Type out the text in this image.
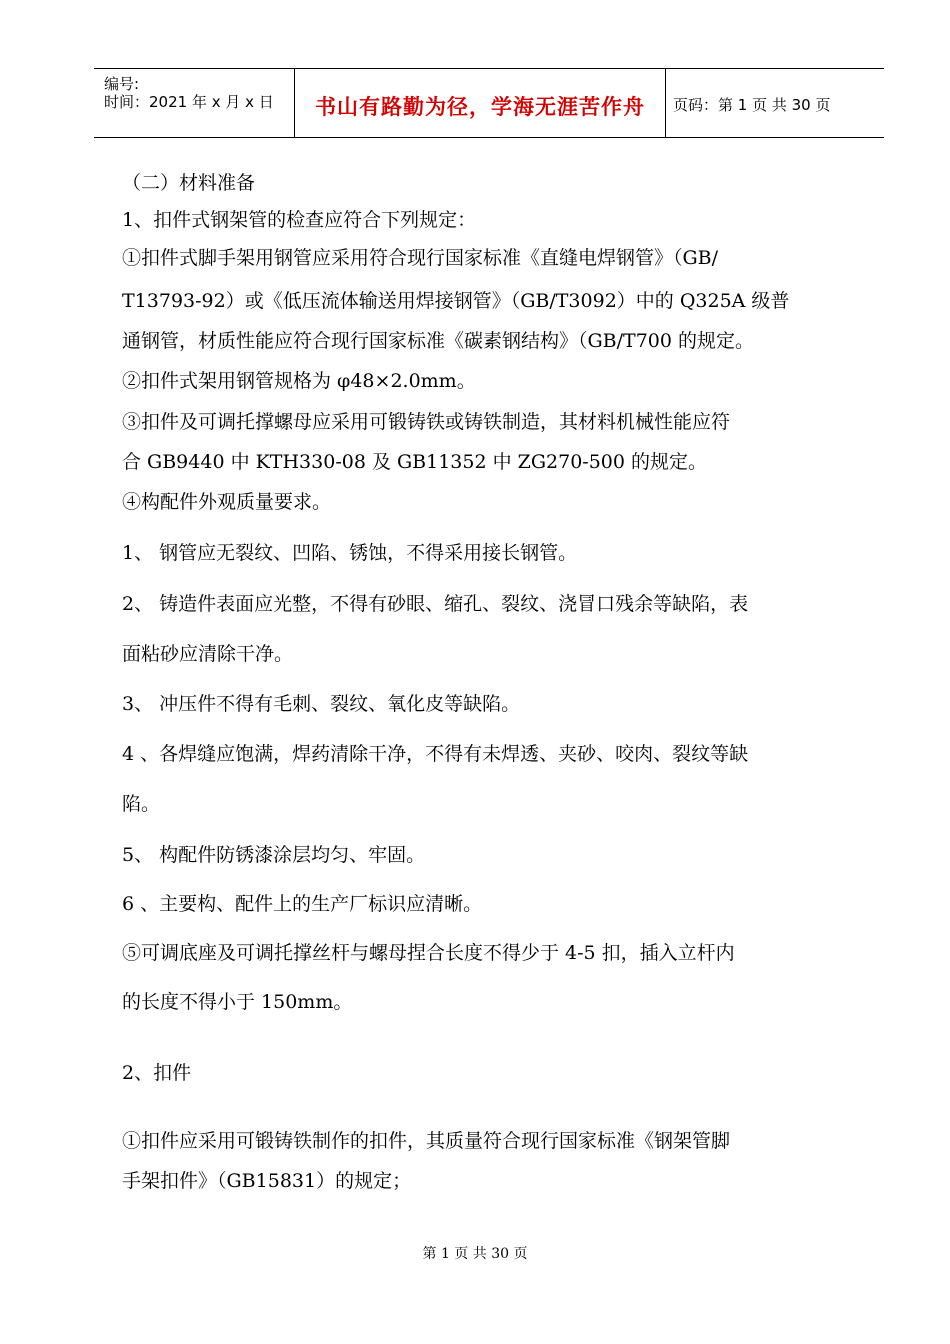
编号:
时间：2021 年 x 月 x 日	书山有路勤为径，学海无涯苦作舟	页码：第 1 页 共 30 页
（二）材料准备
1、扣件式钢架管的检查应符合下列规定：
①扣件式脚手架用钢管应采用符合现行国家标准《直缝电焊钢管》（GB/
T13793-92）或《低压流体输送用焊接钢管》（GB/T3092）中的 Q325A 级普
通钢管，材质性能应符合现行国家标准《碳素钢结构》（GB/T700 的规定。
②扣件式架用钢管规格为 φ48×2.0mm。
③扣件及可调托撑螺母应采用可锻铸铁或铸铁制造，其材料机械性能应符
合 GB9440 中 KTH330-08 及 GB11352 中 ZG270-500 的规定。
④构配件外观质量要求。
1、 钢管应无裂纹、凹陷、锈蚀，不得采用接长钢管。
2、 铸造件表面应光整，不得有砂眼、缩孔、裂纹、浇冒口残余等缺陷，表
面粘砂应清除干净。
3、 冲压件不得有毛刺、裂纹、氧化皮等缺陷。
4 、各焊缝应饱满，焊药清除干净，不得有未焊透、夹砂、咬肉、裂纹等缺
陷。
5、 构配件防锈漆涂层均匀、牢固。
6 、主要构、配件上的生产厂标识应清晰。
⑤可调底座及可调托撑丝杆与螺母捏合长度不得少于 4-5 扣，插入立杆内
的长度不得小于 150mm。
2、扣件
①扣件应采用可锻铸铁制作的扣件，其质量符合现行国家标准《钢架管脚
手架扣件》（GB15831）的规定；
第 1 页 共 30 页
